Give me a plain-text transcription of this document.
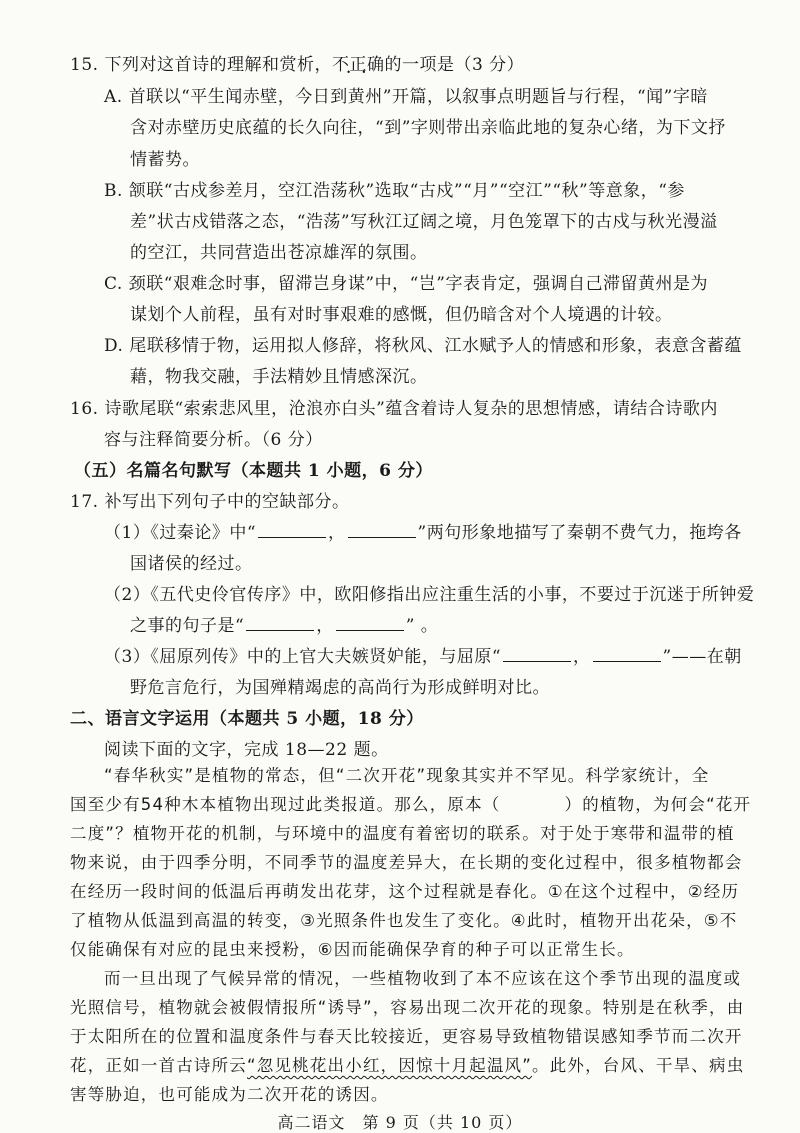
15. 下列对这首诗的理解和赏析，不正确 • •的一项是（3 分）
A. 首联以“平生闻赤壁，今日到黄州”开篇，以叙事点明题旨与行程，“闻”字暗
含对赤壁历史底蕴的长久向往，“到”字则带出亲临此地的复杂心绪，为下文抒
情蓄势。
B. 颔联“古戍参差月，空江浩荡秋”选取“古戍”“月”“空江”“秋”等意象，“参
差”状古戍错落之态，“浩荡”写秋江辽阔之境，月色笼罩下的古戍与秋光漫溢
的空江，共同营造出苍凉雄浑的氛围。
C. 颈联“艰难念时事，留滞岂身谋”中，“岂”字表肯定，强调自己滞留黄州是为
谋划个人前程，虽有对时事艰难的感慨，但仍暗含对个人境遇的计较。
D. 尾联移情于物，运用拟人修辞，将秋风、江水赋予人的情感和形象，表意含蓄蕴
藉，物我交融，手法精妙且情感深沉。
16. 诗歌尾联“索索悲风里，沧浪亦白头”蕴含着诗人复杂的思想情感，请结合诗歌内
容与注释简要分析。（6 分）
（五）名篇名句默写（本题共 1 小题，6 分）
17. 补写出下列句子中的空缺部分。
（1）《过秦论》中“	，	”两句形象地描写了秦朝不费气力，拖垮各
国诸侯的经过。
（2）《五代史伶官传序》中，欧阳修指出应注重生活的小事，不要过于沉迷于所钟爱
之事的句子是“	，	” 。
（3）《屈原列传》中的上官大夫嫉贤妒能，与屈原“	，	”——在朝
野危言危行，为国殚精竭虑的高尚行为形成鲜明对比。
二、语言文字运用（本题共 5 小题，18 分）
阅读下面的文字，完成 18—22 题。
“春华秋实”是植物的常态，但“二次开花”现象其实并不罕见。科学家统计，全
国至少有54种木本植物出现过此类报道。那么，原本（	）的植物，为何会“花开
二度”？植物开花的机制，与环境中的温度有着密切的联系。对于处于寒带和温带的植
物来说，由于四季分明，不同季节的温度差异大，在长期的变化过程中，很多植物都会
在经历一段时间的低温后再萌发出花芽，这个过程就是春化。①在这个过程中，②经历
了植物从低温到高温的转变，③光照条件也发生了变化。④此时，植物开出花朵，⑤不
仅能确保有对应的昆虫来授粉，⑥因而能确保孕育的种子可以正常生长。
而一旦出现了气候异常的情况，一些植物收到了本不应该在这个季节出现的温度或
光照信号，植物就会被假情报所“诱导”，容易出现二次开花的现象。特别是在秋季，由
于太阳所在的位置和温度条件与春天比较接近，更容易导致植物错误感知季节而二次开
花，正如一首古诗所云“忽见桃花出小红，因惊十月起温风”。此外，台风、干旱、病虫
害等胁迫，也可能成为二次开花的诱因。
高二语文　第 9 页（共 10 页）
